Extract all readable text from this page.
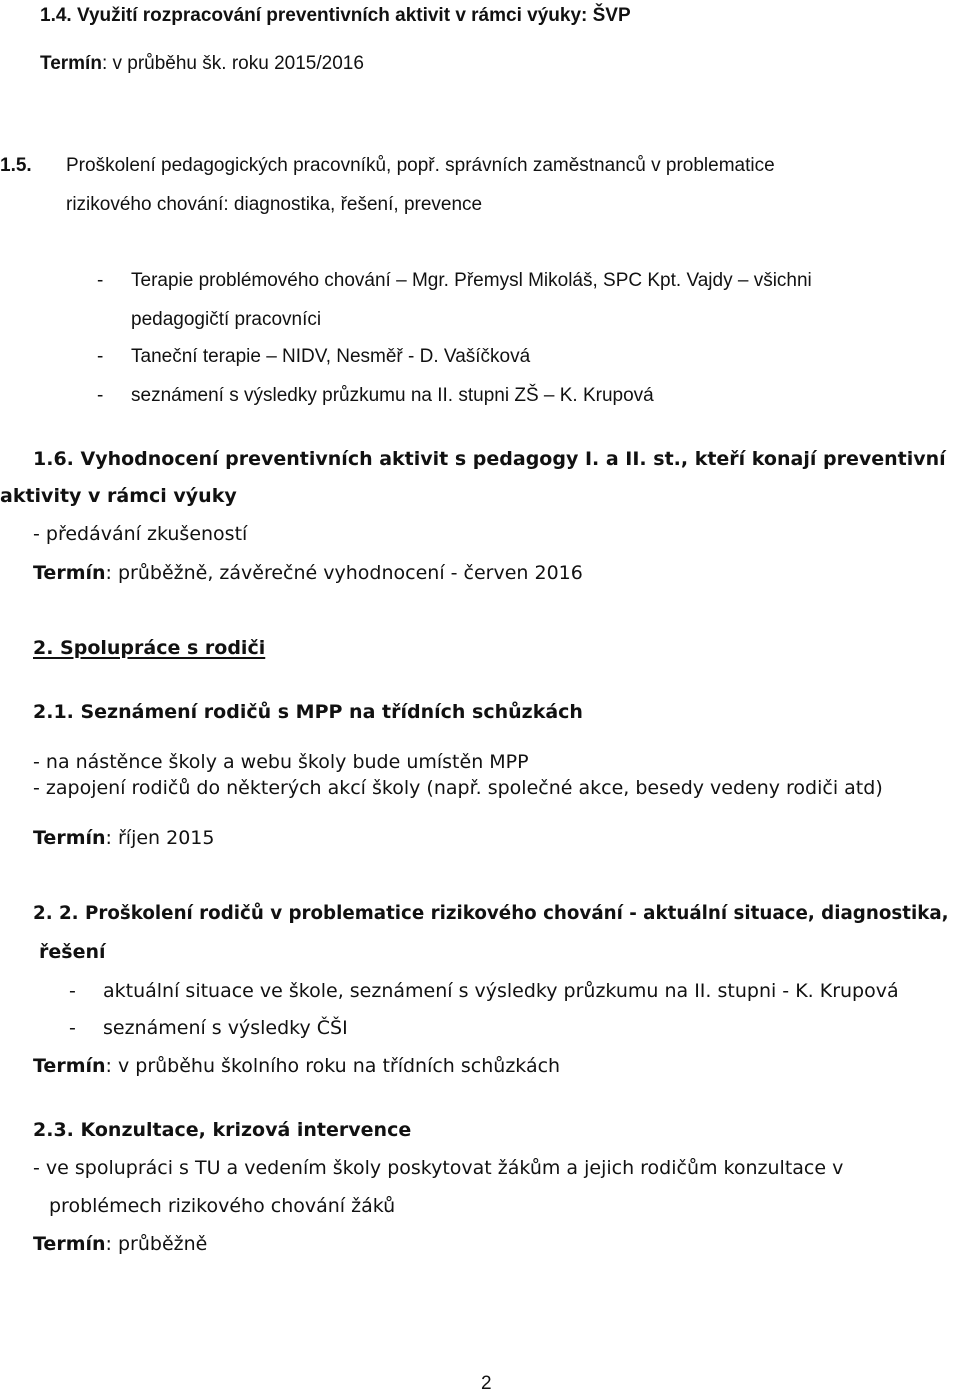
1.4. Využití rozpracování preventivních aktivit v rámci výuky: ŠVP
Termín: v průběhu šk. roku 2015/2016
1.5. Proškolení pedagogických pracovníků, popř. správních zaměstnanců v problematice
rizikového chování: diagnostika, řešení, prevence
- Terapie problémového chování – Mgr. Přemysl Mikoláš, SPC Kpt. Vajdy – všichni
pedagogičtí pracovníci
- Taneční terapie – NIDV, Nesměř - D. Vašíčková
- seznámení s výsledky průzkumu na II. stupni ZŠ – K. Krupová
1.6. Vyhodnocení preventivních aktivit s pedagogy I. a II. st., kteří konají preventivní
aktivity v rámci výuky
- předávání zkušeností
Termín: průběžně, závěrečné vyhodnocení - červen 2016
2. Spolupráce s rodiči
2.1. Seznámení rodičů s MPP na třídních schůzkách
- na nástěnce školy a webu školy bude umístěn MPP
- zapojení rodičů do některých akcí školy (např. společné akce, besedy vedeny rodiči atd)
Termín: říjen 2015
2. 2. Proškolení rodičů v problematice rizikového chování - aktuální situace, diagnostika,
řešení
- aktuální situace ve škole, seznámení s výsledky průzkumu na II. stupni - K. Krupová
- seznámení s výsledky ČŠI
Termín: v průběhu školního roku na třídních schůzkách
2.3. Konzultace, krizová intervence
- ve spolupráci s TU a vedením školy poskytovat žákům a jejich rodičům konzultace v
problémech rizikového chování žáků
Termín: průběžně
2
